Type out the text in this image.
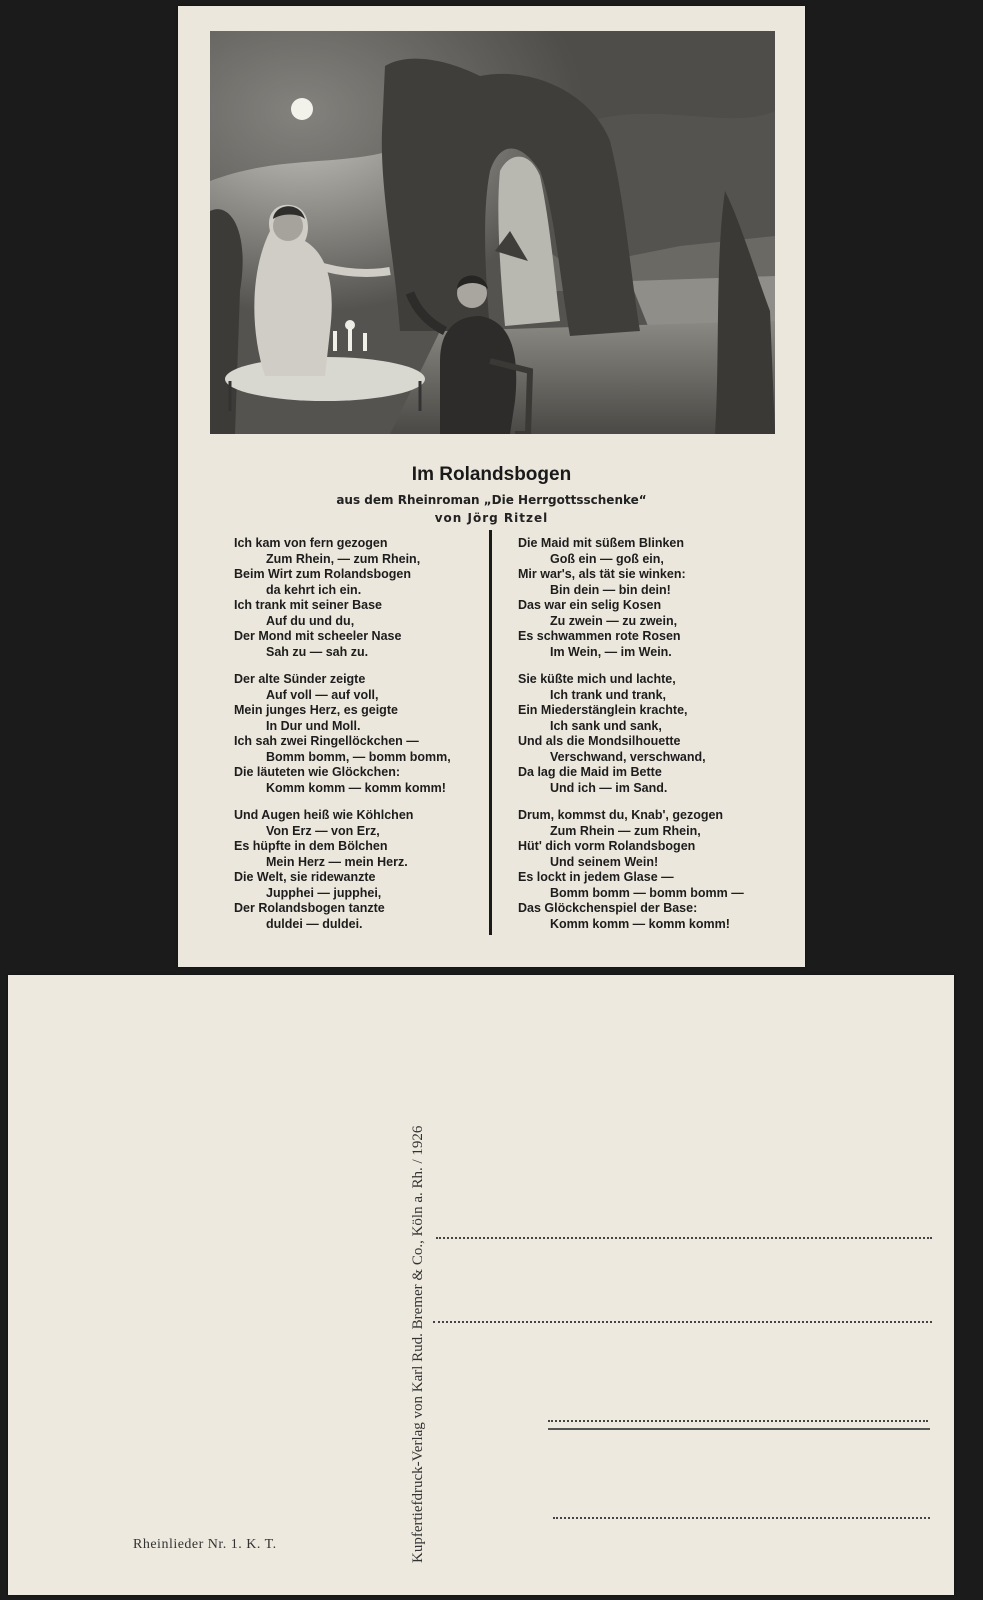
Im Rolandsbogen
aus dem Rheinroman „Die Herrgottsschenke“
von Jörg Ritzel
Ich kam von fern gezogen
Zum Rhein, — zum Rhein,
Beim Wirt zum Rolandsbogen
da kehrt ich ein.
Ich trank mit seiner Base
Auf du und du,
Der Mond mit scheeler Nase
Sah zu — sah zu.
Der alte Sünder zeigte
Auf voll — auf voll,
Mein junges Herz, es geigte
In Dur und Moll.
Ich sah zwei Ringellöckchen —
Bomm bomm, — bomm bomm,
Die läuteten wie Glöckchen:
Komm komm — komm komm!
Und Augen heiß wie Köhlchen
Von Erz — von Erz,
Es hüpfte in dem Bölchen
Mein Herz — mein Herz.
Die Welt, sie ridewanzte
Jupphei — jupphei,
Der Rolandsbogen tanzte
duldei — duldei.
Die Maid mit süßem Blinken
Goß ein — goß ein,
Mir war's, als tät sie winken:
Bin dein — bin dein!
Das war ein selig Kosen
Zu zwein — zu zwein,
Es schwammen rote Rosen
Im Wein, — im Wein.
Sie küßte mich und lachte,
Ich trank und trank,
Ein Miederstänglein krachte,
Ich sank und sank,
Und als die Mondsilhouette
Verschwand, verschwand,
Da lag die Maid im Bette
Und ich — im Sand.
Drum, kommst du, Knab', gezogen
Zum Rhein — zum Rhein,
Hüt' dich vorm Rolandsbogen
Und seinem Wein!
Es lockt in jedem Glase —
Bomm bomm — bomm bomm —
Das Glöckchenspiel der Base:
Komm komm — komm komm!
Kupfertiefdruck-Verlag von Karl Rud. Bremer & Co., Köln a. Rh. / 1926
Rheinlieder Nr. 1. K. T.
